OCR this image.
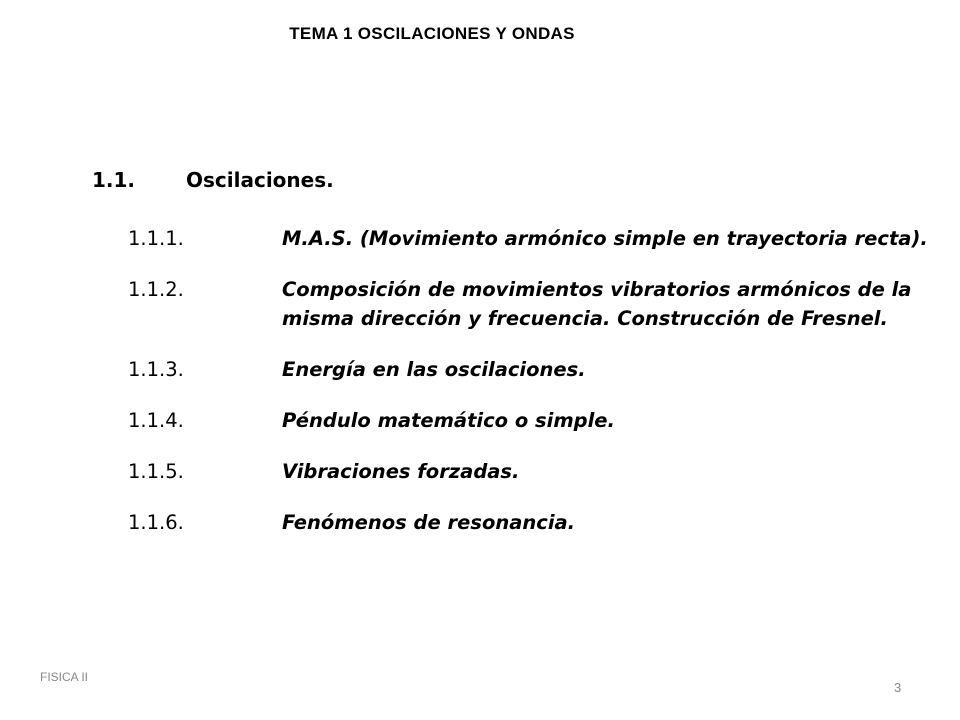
TEMA 1 OSCILACIONES Y ONDAS
1.1.	Oscilaciones.
1.1.1.	M.A.S. (Movimiento armónico simple en trayectoria recta).
1.1.2.	Composición de movimientos vibratorios armónicos de la misma dirección y frecuencia. Construcción de Fresnel.
1.1.3.	Energía en las oscilaciones.
1.1.4.	Péndulo matemático o simple.
1.1.5.	Vibraciones forzadas.
1.1.6.	Fenómenos de resonancia.
FISICA II
3
